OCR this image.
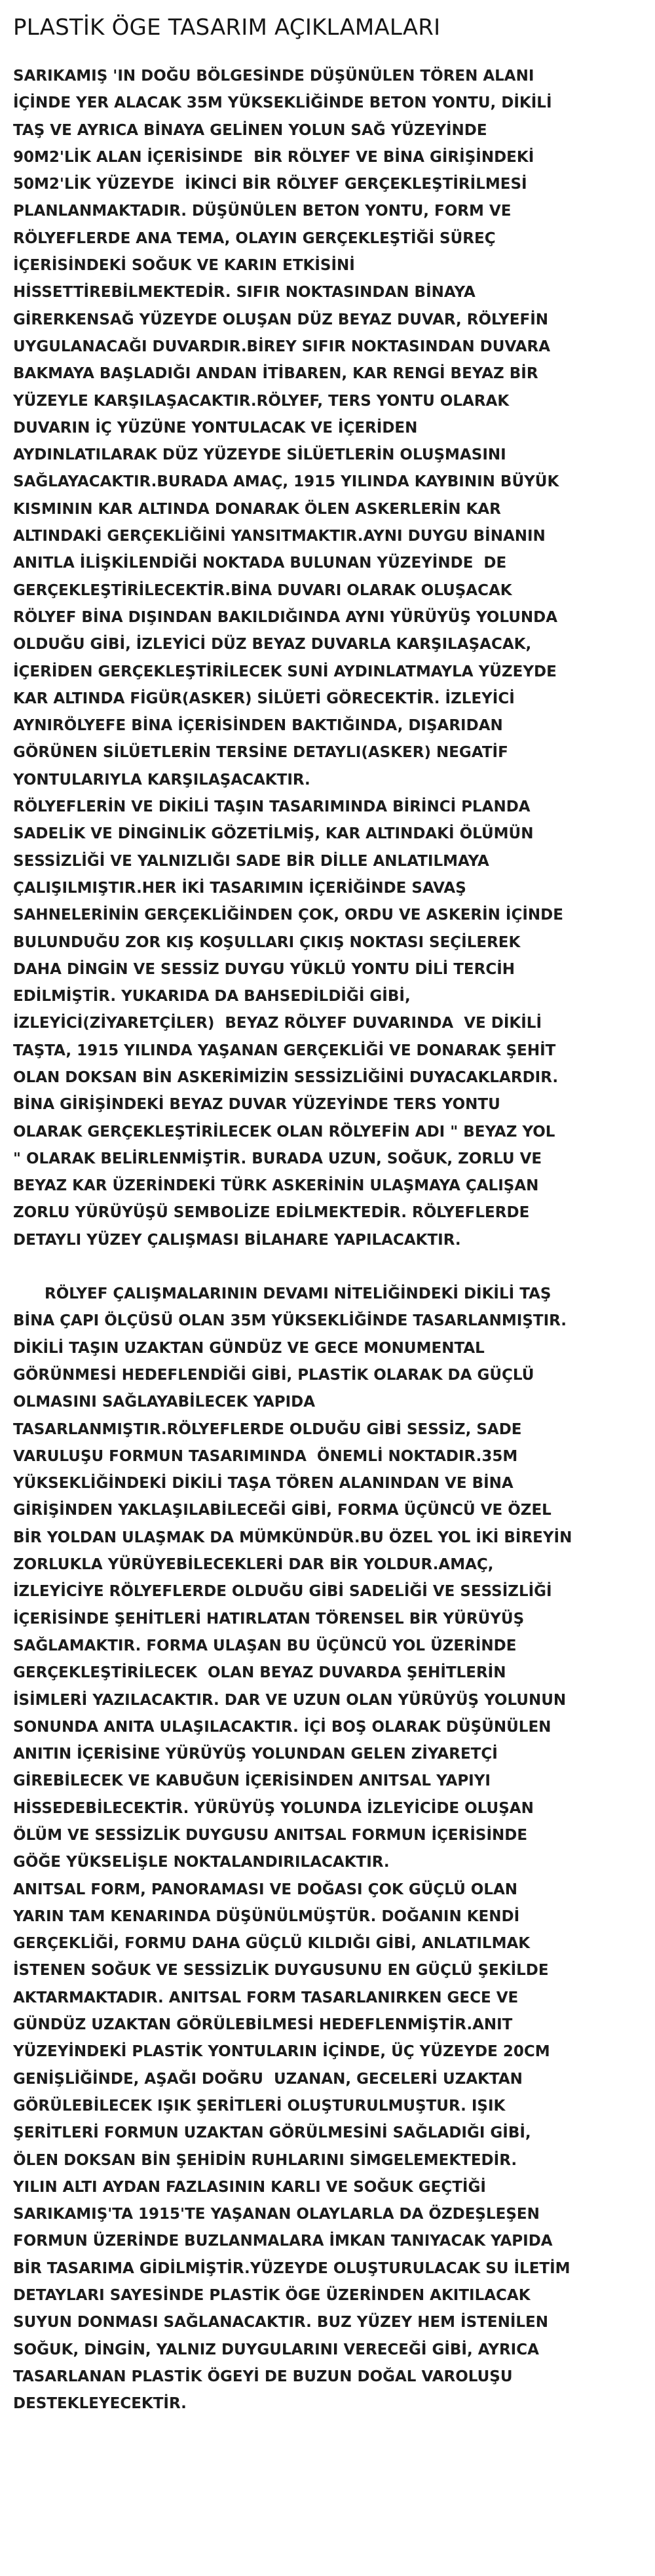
PLASTİK ÖGE TASARIM AÇIKLAMALARI
SARIKAMIŞ 'IN DOĞU BÖLGESİNDE DÜŞÜNÜLEN TÖREN ALANI
İÇİNDE YER ALACAK 35M YÜKSEKLİĞİNDE BETON YONTU, DİKİLİ
TAŞ VE AYRICA BİNAYA GELİNEN YOLUN SAĞ YÜZEYİNDE
90M2'LİK ALAN İÇERİSİNDE  BİR RÖLYEF VE BİNA GİRİŞİNDEKİ
50M2'LİK YÜZEYDE  İKİNCİ BİR RÖLYEF GERÇEKLEŞTİRİLMESİ
PLANLANMAKTADIR. DÜŞÜNÜLEN BETON YONTU, FORM VE
RÖLYEFLERDE ANA TEMA, OLAYIN GERÇEKLEŞTİĞİ SÜREÇ
İÇERİSİNDEKİ SOĞUK VE KARIN ETKİSİNİ
HİSSETTİREBİLMEKTEDİR. SIFIR NOKTASINDAN BİNAYA
GİRERKENSAĞ YÜZEYDE OLUŞAN DÜZ BEYAZ DUVAR, RÖLYEFİN
UYGULANACAĞI DUVARDIR.BİREY SIFIR NOKTASINDAN DUVARA
BAKMAYA BAŞLADIĞI ANDAN İTİBAREN, KAR RENGİ BEYAZ BİR
YÜZEYLE KARŞILAŞACAKTIR.RÖLYEF, TERS YONTU OLARAK
DUVARIN İÇ YÜZÜNE YONTULACAK VE İÇERİDEN
AYDINLATILARAK DÜZ YÜZEYDE SİLÜETLERİN OLUŞMASINI
SAĞLAYACAKTIR.BURADA AMAÇ, 1915 YILINDA KAYBININ BÜYÜK
KISMININ KAR ALTINDA DONARAK ÖLEN ASKERLERİN KAR
ALTINDAKİ GERÇEKLİĞİNİ YANSITMAKTIR.AYNI DUYGU BİNANIN
ANITLA İLİŞKİLENDİĞİ NOKTADA BULUNAN YÜZEYİNDE  DE
GERÇEKLEŞTİRİLECEKTİR.BİNA DUVARI OLARAK OLUŞACAK
RÖLYEF BİNA DIŞINDAN BAKILDIĞINDA AYNI YÜRÜYÜŞ YOLUNDA
OLDUĞU GİBİ, İZLEYİCİ DÜZ BEYAZ DUVARLA KARŞILAŞACAK,
İÇERİDEN GERÇEKLEŞTİRİLECEK SUNİ AYDINLATMAYLA YÜZEYDE
KAR ALTINDA FİGÜR(ASKER) SİLÜETİ GÖRECEKTİR. İZLEYİCİ
AYNIRÖLYEFE BİNA İÇERİSİNDEN BAKTIĞINDA, DIŞARIDAN
GÖRÜNEN SİLÜETLERİN TERSİNE DETAYLI(ASKER) NEGATİF
YONTULARIYLA KARŞILAŞACAKTIR.
RÖLYEFLERİN VE DİKİLİ TAŞIN TASARIMINDA BİRİNCİ PLANDA
SADELİK VE DİNGİNLİK GÖZETİLMİŞ, KAR ALTINDAKİ ÖLÜMÜN
SESSİZLİĞİ VE YALNIZLIĞI SADE BİR DİLLE ANLATILMAYA
ÇALIŞILMIŞTIR.HER İKİ TASARIMIN İÇERİĞİNDE SAVAŞ
SAHNELERİNİN GERÇEKLİĞİNDEN ÇOK, ORDU VE ASKERİN İÇİNDE
BULUNDUĞU ZOR KIŞ KOŞULLARI ÇIKIŞ NOKTASI SEÇİLEREK
DAHA DİNGİN VE SESSİZ DUYGU YÜKLÜ YONTU DİLİ TERCİH
EDİLMİŞTİR. YUKARIDA DA BAHSEDİLDİĞİ GİBİ,
İZLEYİCİ(ZİYARETÇİLER)  BEYAZ RÖLYEF DUVARINDA  VE DİKİLİ
TAŞTA, 1915 YILINDA YAŞANAN GERÇEKLİĞİ VE DONARAK ŞEHİT
OLAN DOKSAN BİN ASKERİMİZİN SESSİZLİĞİNİ DUYACAKLARDIR.
BİNA GİRİŞİNDEKİ BEYAZ DUVAR YÜZEYİNDE TERS YONTU
OLARAK GERÇEKLEŞTİRİLECEK OLAN RÖLYEFİN ADI " BEYAZ YOL
" OLARAK BELİRLENMİŞTİR. BURADA UZUN, SOĞUK, ZORLU VE
BEYAZ KAR ÜZERİNDEKİ TÜRK ASKERİNİN ULAŞMAYA ÇALIŞAN
ZORLU YÜRÜYÜŞÜ SEMBOLİZE EDİLMEKTEDİR. RÖLYEFLERDE
DETAYLI YÜZEY ÇALIŞMASI BİLAHARE YAPILACAKTIR.
RÖLYEF ÇALIŞMALARININ DEVAMI NİTELİĞİNDEKİ DİKİLİ TAŞ
BİNA ÇAPI ÖLÇÜSÜ OLAN 35M YÜKSEKLİĞİNDE TASARLANMIŞTIR.
DİKİLİ TAŞIN UZAKTAN GÜNDÜZ VE GECE MONUMENTAL
GÖRÜNMESİ HEDEFLENDİĞİ GİBİ, PLASTİK OLARAK DA GÜÇLÜ
OLMASINI SAĞLAYABİLECEK YAPIDA
TASARLANMIŞTIR.RÖLYEFLERDE OLDUĞU GİBİ SESSİZ, SADE
VARULUŞU FORMUN TASARIMINDA  ÖNEMLİ NOKTADIR.35M
YÜKSEKLİĞİNDEKİ DİKİLİ TAŞA TÖREN ALANINDAN VE BİNA
GİRİŞİNDEN YAKLAŞILABİLECEĞİ GİBİ, FORMA ÜÇÜNCÜ VE ÖZEL
BİR YOLDAN ULAŞMAK DA MÜMKÜNDÜR.BU ÖZEL YOL İKİ BİREYİN
ZORLUKLA YÜRÜYEBİLECEKLERİ DAR BİR YOLDUR.AMAÇ,
İZLEYİCİYE RÖLYEFLERDE OLDUĞU GİBİ SADELİĞİ VE SESSİZLİĞİ
İÇERİSİNDE ŞEHİTLERİ HATIRLATAN TÖRENSEL BİR YÜRÜYÜŞ
SAĞLAMAKTIR. FORMA ULAŞAN BU ÜÇÜNCÜ YOL ÜZERİNDE
GERÇEKLEŞTİRİLECEK  OLAN BEYAZ DUVARDA ŞEHİTLERİN
İSİMLERİ YAZILACAKTIR. DAR VE UZUN OLAN YÜRÜYÜŞ YOLUNUN
SONUNDA ANITA ULAŞILACAKTIR. İÇİ BOŞ OLARAK DÜŞÜNÜLEN
ANITIN İÇERİSİNE YÜRÜYÜŞ YOLUNDAN GELEN ZİYARETÇİ
GİREBİLECEK VE KABUĞUN İÇERİSİNDEN ANITSAL YAPIYI
HİSSEDEBİLECEKTİR. YÜRÜYÜŞ YOLUNDA İZLEYİCİDE OLUŞAN
ÖLÜM VE SESSİZLİK DUYGUSU ANITSAL FORMUN İÇERİSİNDE
GÖĞE YÜKSELİŞLE NOKTALANDIRILACAKTIR.
ANITSAL FORM, PANORAMASI VE DOĞASI ÇOK GÜÇLÜ OLAN
YARIN TAM KENARINDA DÜŞÜNÜLMÜŞTÜR. DOĞANIN KENDİ
GERÇEKLİĞİ, FORMU DAHA GÜÇLÜ KILDIĞI GİBİ, ANLATILMAK
İSTENEN SOĞUK VE SESSİZLİK DUYGUSUNU EN GÜÇLÜ ŞEKİLDE
AKTARMAKTADIR. ANITSAL FORM TASARLANIRKEN GECE VE
GÜNDÜZ UZAKTAN GÖRÜLEBİLMESİ HEDEFLENMİŞTİR.ANIT
YÜZEYİNDEKİ PLASTİK YONTULARIN İÇİNDE, ÜÇ YÜZEYDE 20CM
GENİŞLİĞİNDE, AŞAĞI DOĞRU  UZANAN, GECELERİ UZAKTAN
GÖRÜLEBİLECEK IŞIK ŞERİTLERİ OLUŞTURULMUŞTUR. IŞIK
ŞERİTLERİ FORMUN UZAKTAN GÖRÜLMESİNİ SAĞLADIĞI GİBİ,
ÖLEN DOKSAN BİN ŞEHİDİN RUHLARINI SİMGELEMEKTEDİR.
YILIN ALTI AYDAN FAZLASININ KARLI VE SOĞUK GEÇTİĞİ
SARIKAMIŞ'TA 1915'TE YAŞANAN OLAYLARLA DA ÖZDEŞLEŞEN
FORMUN ÜZERİNDE BUZLANMALARA İMKAN TANIYACAK YAPIDA
BİR TASARIMA GİDİLMİŞTİR.YÜZEYDE OLUŞTURULACAK SU İLETİM
DETAYLARI SAYESİNDE PLASTİK ÖGE ÜZERİNDEN AKITILACAK
SUYUN DONMASI SAĞLANACAKTIR. BUZ YÜZEY HEM İSTENİLEN
SOĞUK, DİNGİN, YALNIZ DUYGULARINI VERECEĞİ GİBİ, AYRICA
TASARLANAN PLASTİK ÖGEYİ DE BUZUN DOĞAL VAROLUŞU
DESTEKLEYECEKTİR.
